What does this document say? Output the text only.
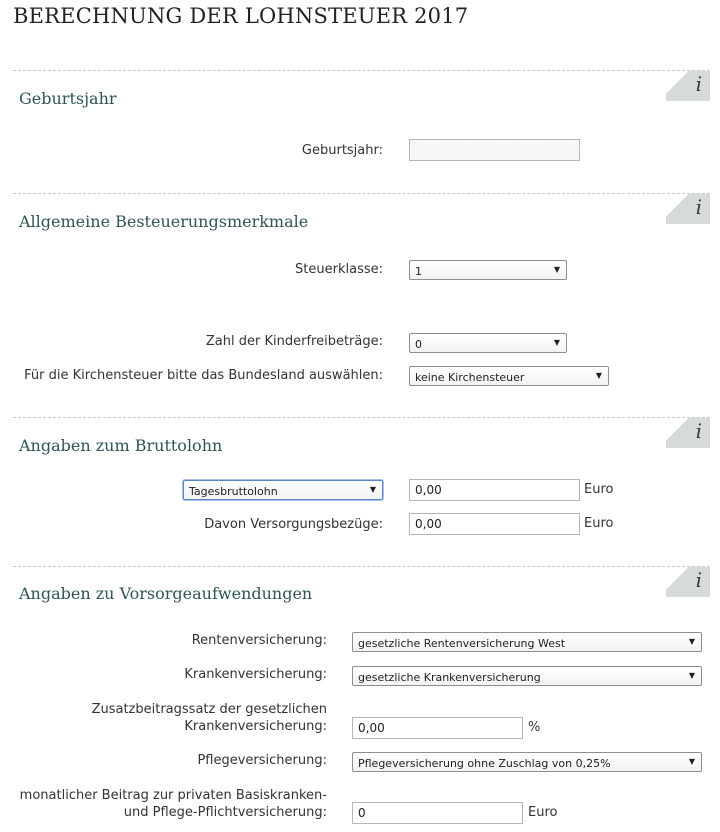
BERECHNUNG DER LOHNSTEUER 2017
i
Geburtsjahr
Geburtsjahr:
i
Allgemeine Besteuerungsmerkmale
Steuerklasse:	1	▼
Zahl der Kinderfreibeträge:	0	▼
Für die Kirchensteuer bitte das Bundesland auswählen:	keine Kirchensteuer	▼
i
Angaben zum Bruttolohn
Tagesbruttolohn	▼	0,00	Euro
Davon Versorgungsbezüge:	0,00	Euro
i
Angaben zu Vorsorgeaufwendungen
Rentenversicherung:	gesetzliche Rentenversicherung West	▼
Krankenversicherung:	gesetzliche Krankenversicherung	▼
Zusatzbeitragssatz der gesetzlichen
Krankenversicherung:	0,00	%
Pflegeversicherung:	Pflegeversicherung ohne Zuschlag von 0,25%	▼
monatlicher Beitrag zur privaten Basiskranken-
und Pflege-Pflichtversicherung:	0	Euro
